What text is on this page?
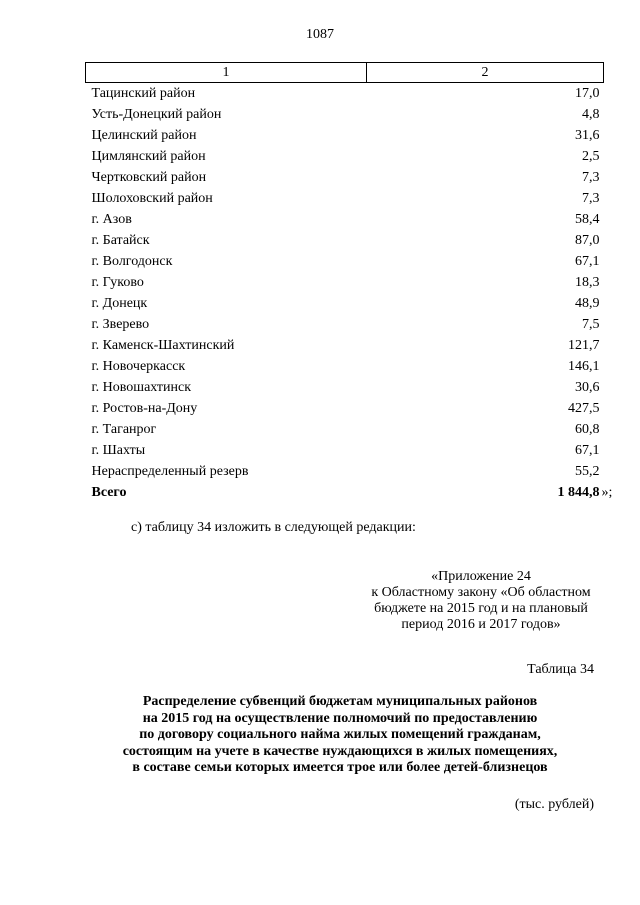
1087
1	2
Тацинский район	17,0
Усть-Донецкий район	4,8
Целинский район	31,6
Цимлянский район	2,5
Чертковский район	7,3
Шолоховский район	7,3
г. Азов	58,4
г. Батайск	87,0
г. Волгодонск	67,1
г. Гуково	18,3
г. Донецк	48,9
г. Зверево	7,5
г. Каменск-Шахтинский	121,7
г. Новочеркасск	146,1
г. Новошахтинск	30,6
г. Ростов-на-Дону	427,5
г. Таганрог	60,8
г. Шахты	67,1
Нераспределенный резерв	55,2
Всего	1 844,8 »;
с) таблицу 34 изложить в следующей редакции:
«Приложение 24
к Областному закону «Об областном
бюджете на 2015 год и на плановый
период 2016 и 2017 годов»
Таблица 34
Распределение субвенций бюджетам муниципальных районов
на 2015 год на осуществление полномочий по предоставлению
по договору социального найма жилых помещений гражданам,
состоящим на учете в качестве нуждающихся в жилых помещениях,
в составе семьи которых имеется трое или более детей-близнецов
(тыс. рублей)
